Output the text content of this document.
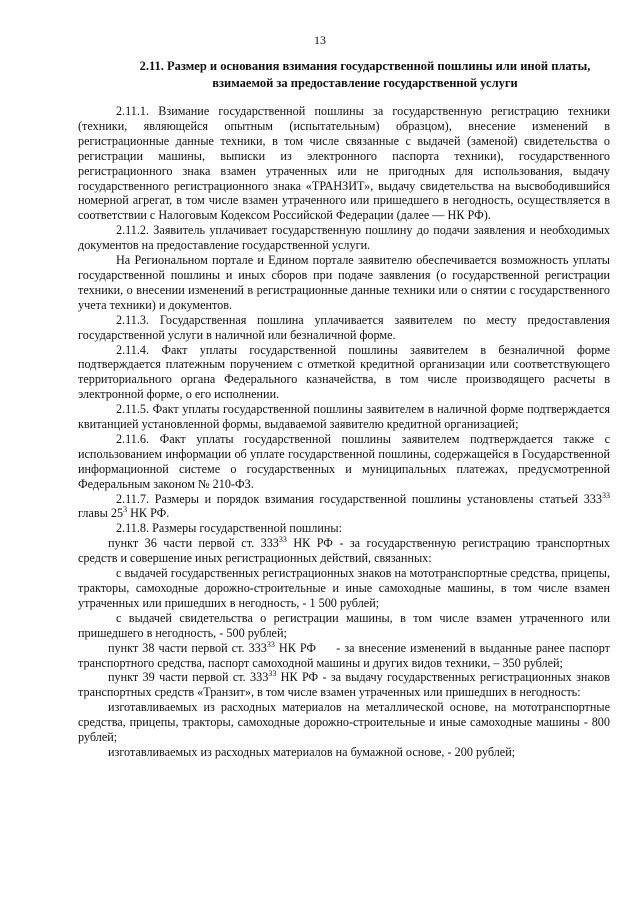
13
2.11. Размер и основания взимания государственной пошлины или иной платы, взимаемой за предоставление государственной услуги

2.11.1. Взимание государственной пошлины за государственную регистрацию техники (техники, являющейся опытным (испытательным) образцом), внесение изменений в регистрационные данные техники, в том числе связанные с выдачей (заменой) свидетельства о регистрации машины, выписки из электронного паспорта техники), государственного регистрационного знака взамен утраченных или не пригодных для использования, выдачу государственного регистрационного знака «ТРАНЗИТ», выдачу свидетельства на высвободившийся номерной агрегат, в том числе взамен утраченного или пришедшего в негодность, осуществляется в соответствии с Налоговым Кодексом Российской Федерации (далее — НК РФ).

2.11.2. Заявитель уплачивает государственную пошлину до подачи заявления и необходимых документов на предоставление государственной услуги.

На Региональном портале и Едином портале заявителю обеспечивается возможность уплаты государственной пошлины и иных сборов при подаче заявления (о государственной регистрации техники, о внесении изменений в регистрационные данные техники или о снятии с государственного учета техники) и документов.

2.11.3. Государственная пошлина уплачивается заявителем по месту предоставления государственной услуги в наличной или безналичной форме.

2.11.4. Факт уплаты государственной пошлины заявителем в безналичной форме подтверждается платежным поручением с отметкой кредитной организации или соответствующего территориального органа Федерального казначейства, в том числе производящего расчеты в электронной форме, о его исполнении.

2.11.5. Факт уплаты государственной пошлины заявителем в наличной форме подтверждается квитанцией установленной формы, выдаваемой заявителю кредитной организацией;

2.11.6. Факт уплаты государственной пошлины заявителем подтверждается также с использованием информации об уплате государственной пошлины, содержащейся в Государственной информационной системе о государственных и муниципальных платежах, предусмотренной Федеральным законом № 210-ФЗ.

2.11.7. Размеры и порядок взимания государственной пошлины установлены статьей $333^{33}$ главы $25^3$ НК РФ.

2.11.8. Размеры государственной пошлины:

пункт 36 части первой ст. $333^{33}$ НК РФ - за государственную регистрацию транспортных средств и совершение иных регистрационных действий, связанных:

с выдачей государственных регистрационных знаков на мототранспортные средства, прицепы, тракторы, самоходные дорожно-строительные и иные самоходные машины, в том числе взамен утраченных или пришедших в негодность, - 1 500 рублей;

с выдачей свидетельства о регистрации машины, в том числе взамен утраченного или пришедшего в негодность, - 500 рублей;

пункт 38 части первой ст. $333^{33}$ НК РФ     - за внесение изменений в выданные ранее паспорт транспортного средства, паспорт самоходной машины и других видов техники, – 350 рублей;

пункт 39 части первой ст. $333^{33}$ НК РФ - за выдачу государственных регистрационных знаков транспортных средств «Транзит», в том числе взамен утраченных или пришедших в негодность:

изготавливаемых из расходных материалов на металлической основе, на мототранспортные средства, прицепы, тракторы, самоходные дорожно-строительные и иные самоходные машины - 800 рублей;

изготавливаемых из расходных материалов на бумажной основе, - 200 рублей;
